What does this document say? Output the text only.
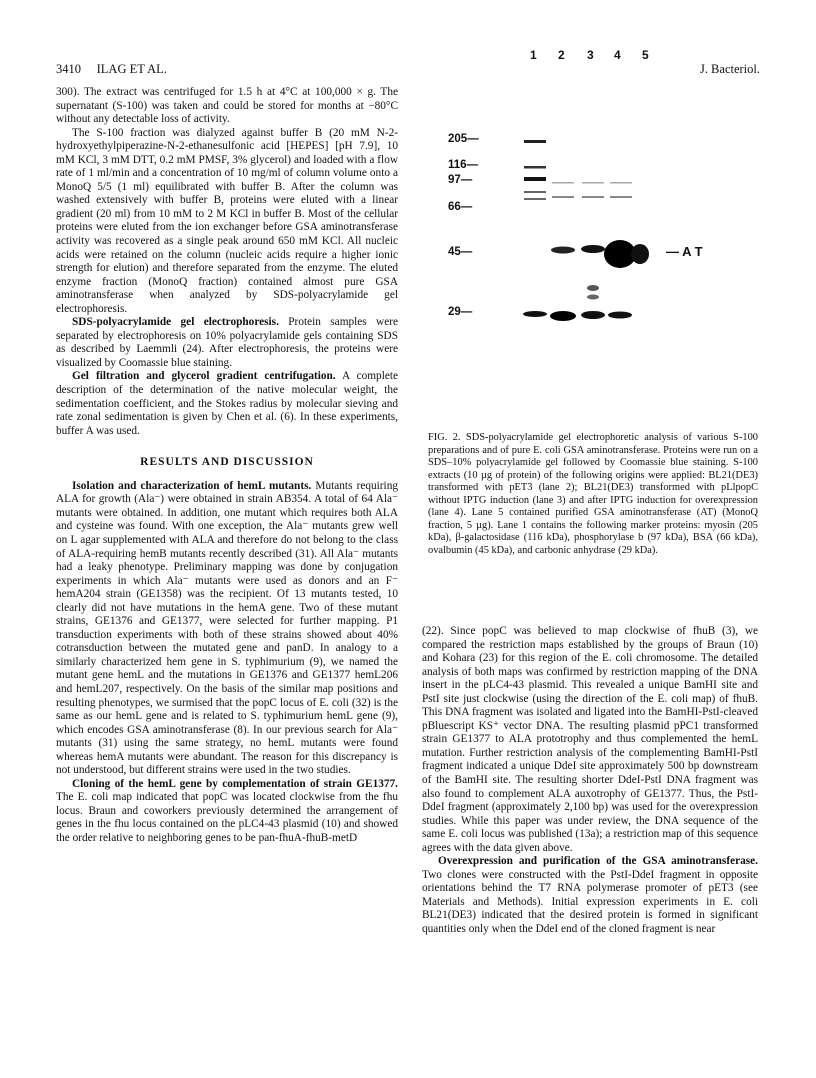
3410 ILAG ET AL.	J. Bacteriol.

300). The extract was centrifuged for 1.5 h at 4°C at 100,000 × g. The supernatant (S-100) was taken and could be stored for months at −80°C without any detectable loss of activity.

The S-100 fraction was dialyzed against buffer B (20 mM N-2-hydroxyethylpiperazine-N-2-ethanesulfonic acid [HEPES] [pH 7.9], 10 mM KCl, 3 mM DTT, 0.2 mM PMSF, 3% glycerol) and loaded with a flow rate of 1 ml/min and a concentration of 10 mg/ml of column volume onto a MonoQ 5/5 (1 ml) equilibrated with buffer B. After the column was washed extensively with buffer B, proteins were eluted with a linear gradient (20 ml) from 10 mM to 2 M KCl in buffer B. Most of the cellular proteins were eluted from the ion exchanger before GSA aminotransferase activity was recovered as a single peak around 650 mM KCl. All nucleic acids were retained on the column (nucleic acids require a higher ionic strength for elution) and therefore separated from the enzyme. The eluted enzyme fraction (MonoQ fraction) contained almost pure GSA aminotransferase when analyzed by SDS-polyacrylamide gel electrophoresis.

SDS-polyacrylamide gel electrophoresis. Protein samples were separated by electrophoresis on 10% polyacrylamide gels containing SDS as described by Laemmli (24). After electrophoresis, the proteins were visualized by Coomassie blue staining.

Gel filtration and glycerol gradient centrifugation. A complete description of the determination of the native molecular weight, the sedimentation coefficient, and the Stokes radius by molecular sieving and rate zonal sedimentation is given by Chen et al. (6). In these experiments, buffer A was used.

RESULTS AND DISCUSSION

Isolation and characterization of hemL mutants. Mutants requiring ALA for growth (Ala⁻) were obtained in strain AB354. A total of 64 Ala⁻ mutants were obtained. In addition, one mutant which requires both ALA and cysteine was found. With one exception, the Ala⁻ mutants grew well on L agar supplemented with ALA and therefore do not belong to the class of ALA-requiring hemB mutants recently described (31). All Ala⁻ mutants had a leaky phenotype. Preliminary mapping was done by conjugation experiments in which Ala⁻ mutants were used as donors and an F⁻ hemA204 strain (GE1358) was the recipient. Of 13 mutants tested, 10 clearly did not have mutations in the hemA gene. Two of these mutant strains, GE1376 and GE1377, were selected for further mapping. P1 transduction experiments with both of these strains showed about 40% cotransduction between the mutated gene and panD. In analogy to a similarly characterized hem gene in S. typhimurium (9), we named the mutant gene hemL and the mutations in GE1376 and GE1377 hemL206 and hemL207, respectively. On the basis of the similar map positions and resulting phenotypes, we surmised that the popC locus of E. coli (32) is the same as our hemL gene and is related to S. typhimurium hemL gene (9), which encodes GSA aminotransferase (8). In our previous search for Ala⁻ mutants (31) using the same strategy, no hemL mutants were found whereas hemA mutants were abundant. The reason for this discrepancy is not understood, but different strains were used in the two studies.

Cloning of the hemL gene by complementation of strain GE1377. The E. coli map indicated that popC was located clockwise from the fhu locus. Braun and coworkers previously determined the arrangement of genes in the fhu locus contained on the pLC4-43 plasmid (10) and showed the order relative to neighboring genes to be pan-fhuA-fhuB-metD

1 2 3 4 5
205—
116—
97—
66—
45—
29—
— A T
FIG. 2. SDS-polyacrylamide gel electrophoretic analysis of various S-100 preparations and of pure E. coli GSA aminotransferase. Proteins were run on a SDS–10% polyacrylamide gel followed by Coomassie blue staining. S-100 extracts (10 µg of protein) of the following origins were applied: BL21(DE3) transformed with pET3 (lane 2); BL21(DE3) transformed with pLlpopC without IPTG induction (lane 3) and after IPTG induction for overexpression (lane 4). Lane 5 contained purified GSA aminotransferase (AT) (MonoQ fraction, 5 µg). Lane 1 contains the following marker proteins: myosin (205 kDa), β-galactosidase (116 kDa), phosphorylase b (97 kDa), BSA (66 kDa), ovalbumin (45 kDa), and carbonic anhydrase (29 kDa).

(22). Since popC was believed to map clockwise of fhuB (3), we compared the restriction maps established by the groups of Braun (10) and Kohara (23) for this region of the E. coli chromosome. The detailed analysis of both maps was confirmed by restriction mapping of the DNA insert in the pLC4-43 plasmid. This revealed a unique BamHI site and PstI site just clockwise (using the direction of the E. coli map) of fhuB. This DNA fragment was isolated and ligated into the BamHI-PstI-cleaved pBluescript KS⁺ vector DNA. The resulting plasmid pPC1 transformed strain GE1377 to ALA prototrophy and thus complemented the hemL mutation. Further restriction analysis of the complementing BamHI-PstI fragment indicated a unique DdeI site approximately 500 bp downstream of the BamHI site. The resulting shorter DdeI-PstI DNA fragment was also found to complement ALA auxotrophy of GE1377. Thus, the PstI-DdeI fragment (approximately 2,100 bp) was used for the overexpression studies. While this paper was under review, the DNA sequence of the same E. coli locus was published (13a); a restriction map of this sequence agrees with the data given above.

Overexpression and purification of the GSA aminotransferase. Two clones were constructed with the PstI-DdeI fragment in opposite orientations behind the T7 RNA polymerase promoter of pET3 (see Materials and Methods). Initial expression experiments in E. coli BL21(DE3) indicated that the desired protein is formed in significant quantities only when the DdeI end of the cloned fragment is near
